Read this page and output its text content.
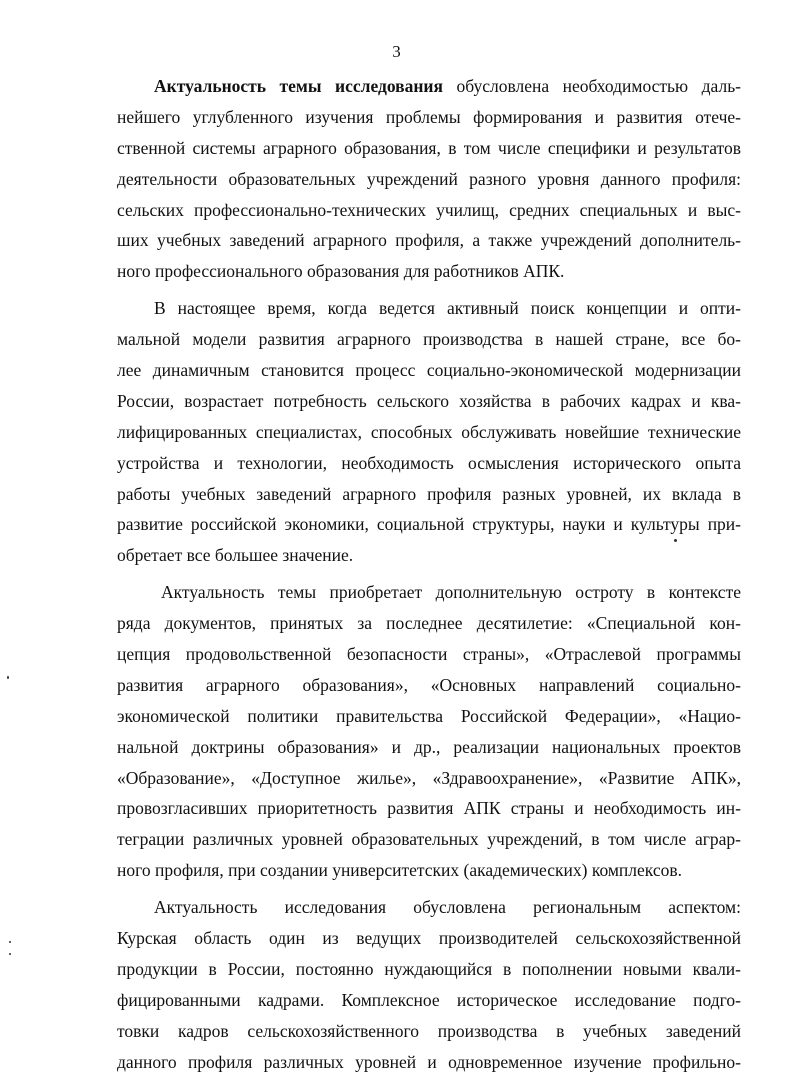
3
Актуальность темы исследования обусловлена необходимостью даль-
нейшего углубленного изучения проблемы формирования и развития отече-
ственной системы аграрного образования, в том числе специфики и результатов
деятельности образовательных учреждений разного уровня данного профиля:
сельских профессионально-технических училищ, средних специальных и выс-
ших учебных заведений аграрного профиля, а также учреждений дополнитель-
ного профессионального образования для работников АПК.
В настоящее время, когда ведется активный поиск концепции и опти-
мальной модели развития аграрного производства в нашей стране, все бо-
лее динамичным становится процесс социально-экономической модернизации
России, возрастает потребность сельского хозяйства в рабочих кадрах и ква-
лифицированных специалистах, способных обслуживать новейшие технические
устройства и технологии, необходимость осмысления исторического опыта
работы учебных заведений аграрного профиля разных уровней, их вклада в
развитие российской экономики, социальной структуры, науки и культуры при-
обретает все большее значение.
Актуальность темы приобретает дополнительную остроту в контексте
ряда документов, принятых за последнее десятилетие: «Специальной кон-
цепция продовольственной безопасности страны», «Отраслевой программы
развития аграрного образования», «Основных направлений социально-
экономической политики правительства Российской Федерации», «Нацио-
нальной доктрины образования» и др., реализации национальных проектов
«Образование», «Доступное жилье», «Здравоохранение», «Развитие АПК»,
провозгласивших приоритетность развития АПК страны и необходимость ин-
теграции различных уровней образовательных учреждений, в том числе аграр-
ного профиля, при создании университетских (академических) комплексов.
Актуальность исследования обусловлена региональным аспектом:
Курская область один из ведущих производителей сельскохозяйственной
продукции в России, постоянно нуждающийся в пополнении новыми квали-
фицированными кадрами. Комплексное историческое исследование подго-
товки кадров сельскохозяйственного производства в учебных заведений
данного профиля различных уровней и одновременное изучение профильно-
